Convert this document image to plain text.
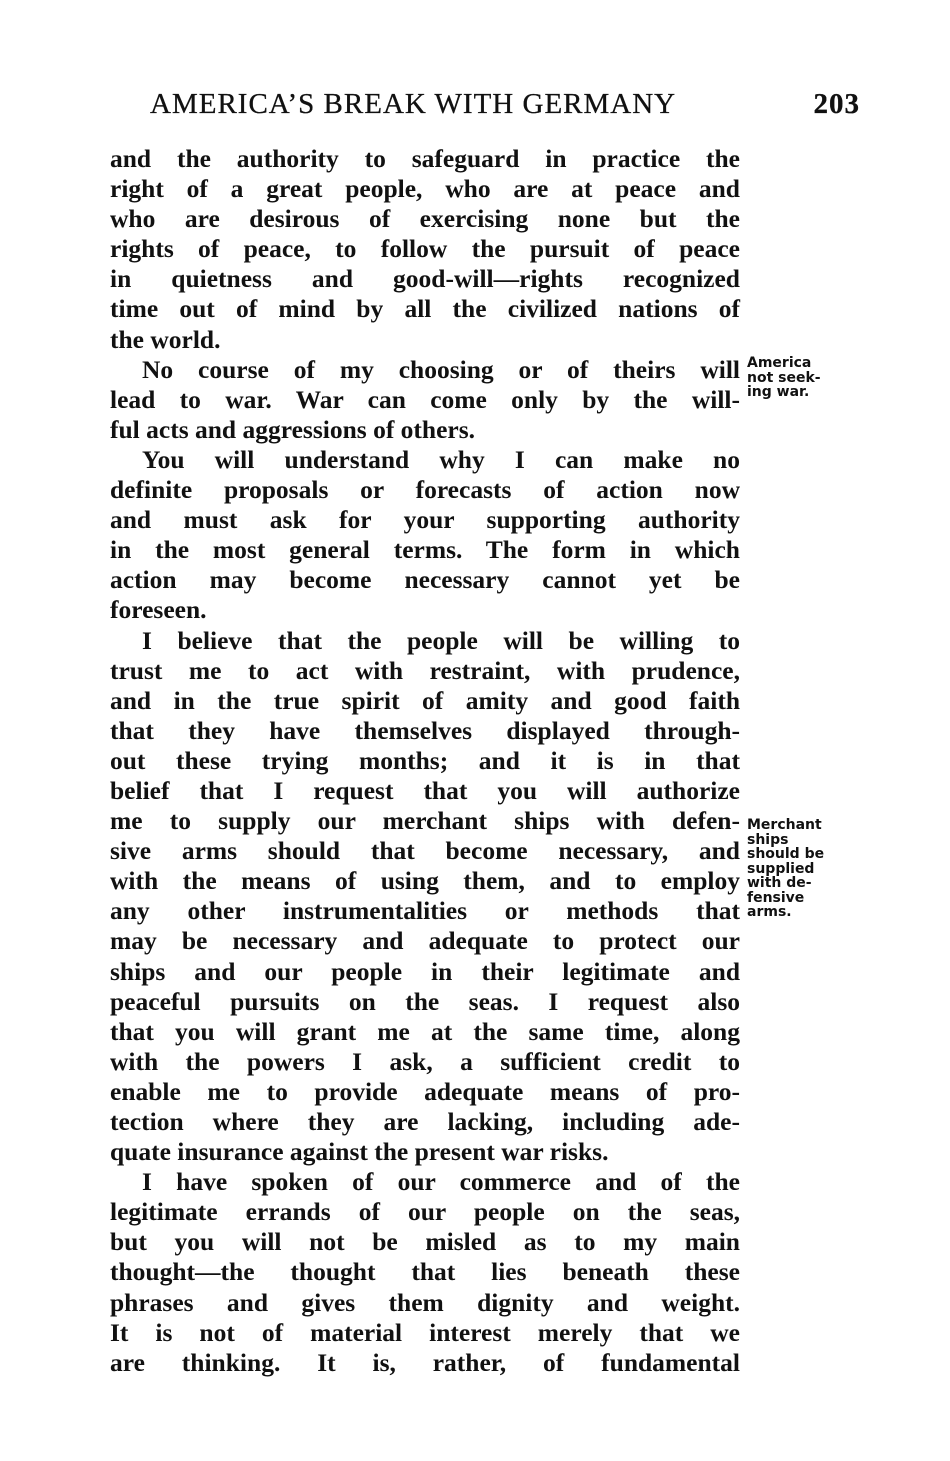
AMERICA’S BREAK WITH GERMANY	203
and the authority to safeguard in practice the
right of a great people, who are at peace and
who are desirous of exercising none but the
rights of peace, to follow the pursuit of peace
in quietness and good-will—rights recognized
time out of mind by all the civilized nations of
the world.
No course of my choosing or of theirs will
lead to war. War can come only by the will-
ful acts and aggressions of others.
You will understand why I can make no
definite proposals or forecasts of action now
and must ask for your supporting authority
in the most general terms. The form in which
action may become necessary cannot yet be
foreseen.
I believe that the people will be willing to
trust me to act with restraint, with prudence,
and in the true spirit of amity and good faith
that they have themselves displayed through-
out these trying months; and it is in that
belief that I request that you will authorize
me to supply our merchant ships with defen-
sive arms should that become necessary, and
with the means of using them, and to employ
any other instrumentalities or methods that
may be necessary and adequate to protect our
ships and our people in their legitimate and
peaceful pursuits on the seas. I request also
that you will grant me at the same time, along
with the powers I ask, a sufficient credit to
enable me to provide adequate means of pro-
tection where they are lacking, including ade-
quate insurance against the present war risks.
I have spoken of our commerce and of the
legitimate errands of our people on the seas,
but you will not be misled as to my main
thought—the thought that lies beneath these
phrases and gives them dignity and weight.
It is not of material interest merely that we
are thinking. It is, rather, of fundamental
America
not seek-
ing war.
Merchant
ships
should be
supplied
with de-
fensive
arms.
